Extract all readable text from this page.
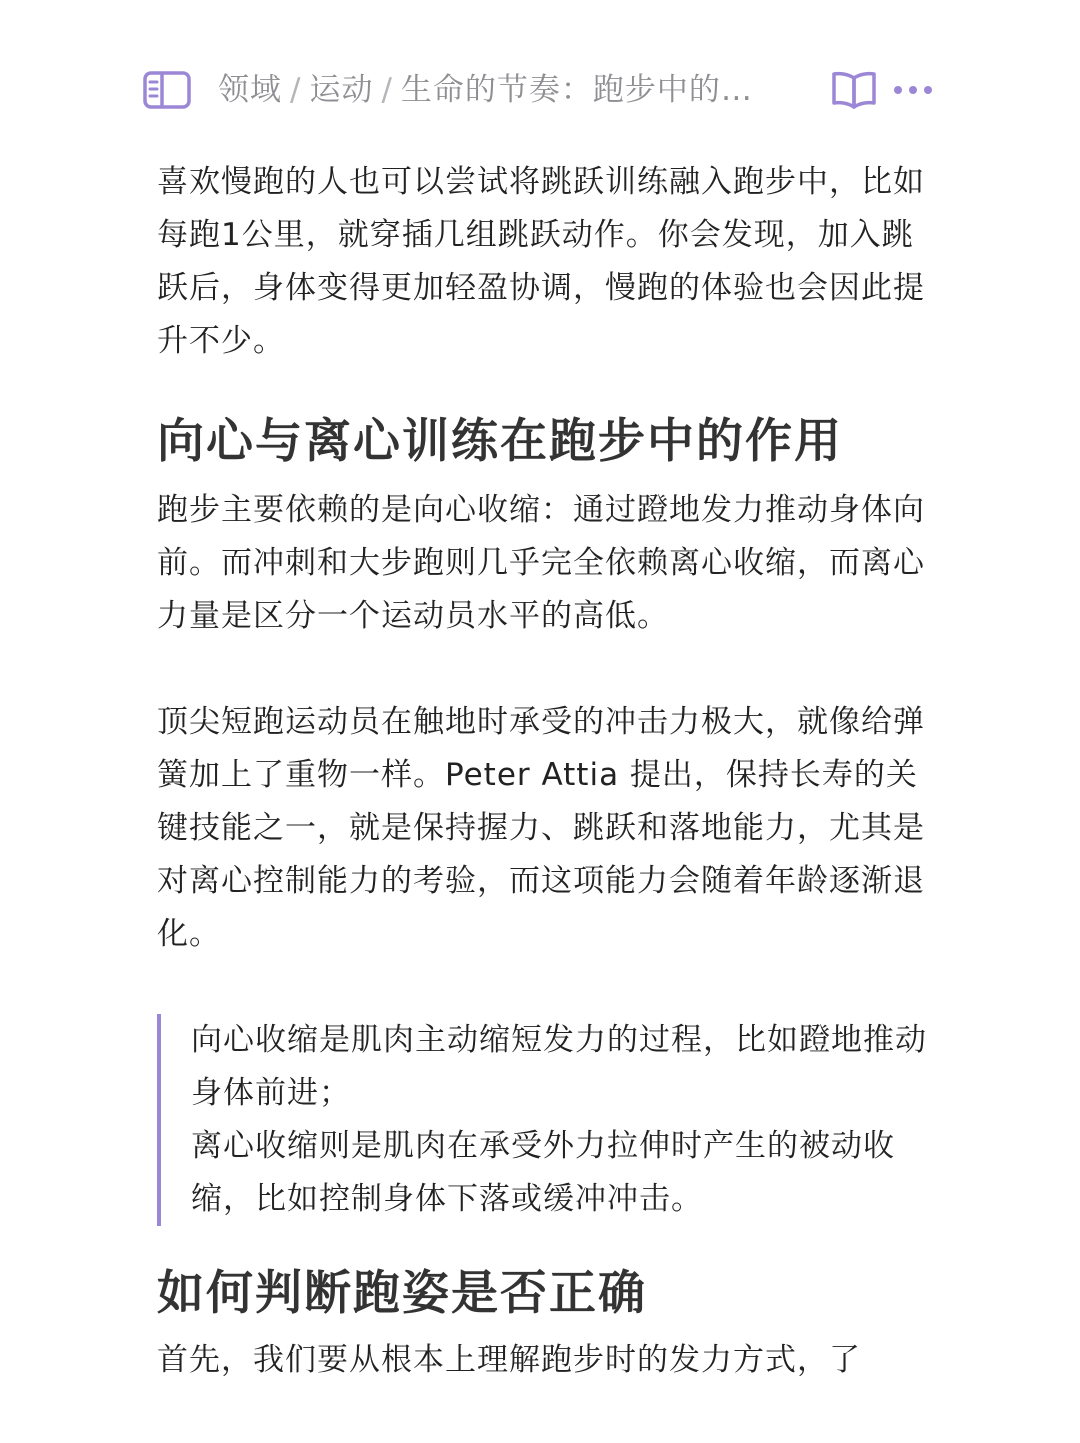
领域 / 运动 / 生命的节奏：跑步中的…

喜欢慢跑的人也可以尝试将跳跃训练融入跑步中，比如每跑1公里，就穿插几组跳跃动作。你会发现，加入跳跃后，身体变得更加轻盈协调，慢跑的体验也会因此提升不少。

向心与离心训练在跑步中的作用

跑步主要依赖的是向心收缩：通过蹬地发力推动身体向前。而冲刺和大步跑则几乎完全依赖离心收缩，而离心力量是区分一个运动员水平的高低。

顶尖短跑运动员在触地时承受的冲击力极大，就像给弹簧加上了重物一样。Peter Attia 提出，保持长寿的关键技能之一，就是保持握力、跳跃和落地能力，尤其是对离心控制能力的考验，而这项能力会随着年龄逐渐退化。

向心收缩是肌肉主动缩短发力的过程，比如蹬地推动身体前进；

离心收缩则是肌肉在承受外力拉伸时产生的被动收缩，比如控制身体下落或缓冲冲击。

如何判断跑姿是否正确

首先，我们要从根本上理解跑步时的发力方式，了
